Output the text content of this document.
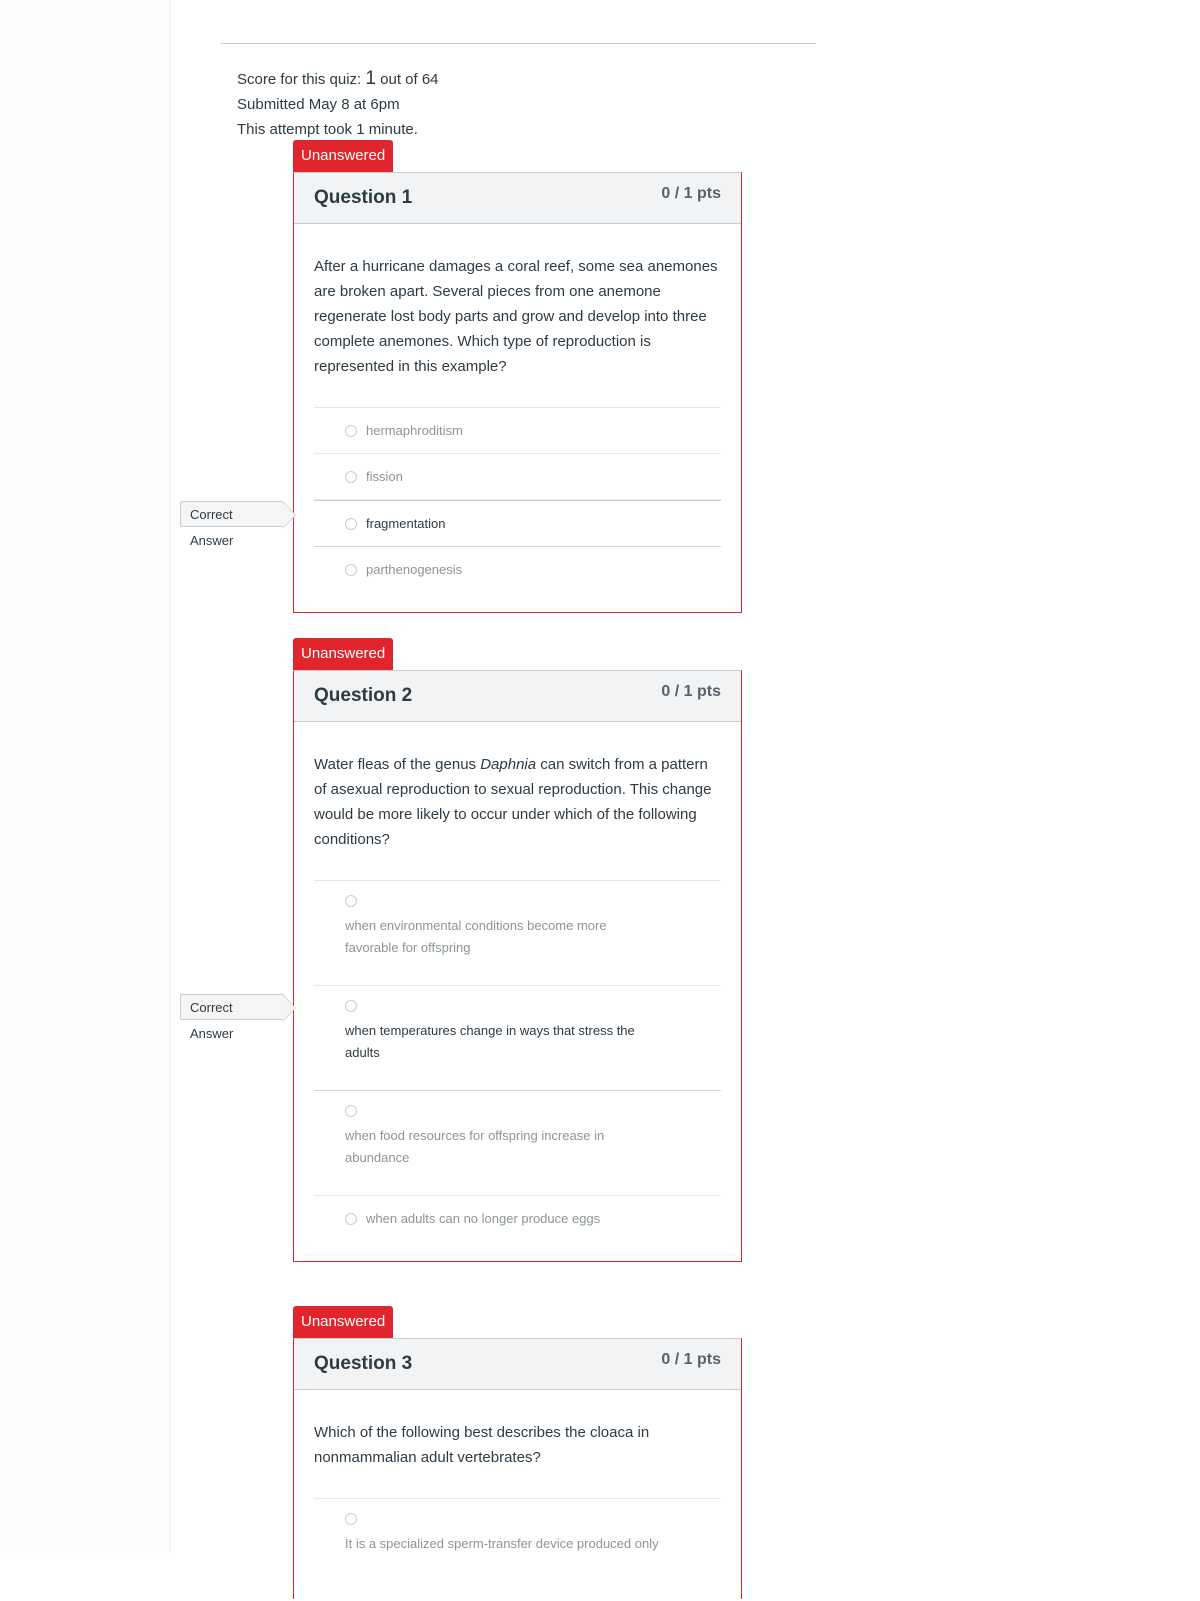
Score for this quiz: 1 out of 64
Submitted May 8 at 6pm
This attempt took 1 minute.
Unanswered
Question 1	0 / 1 pts

After a hurricane damages a coral reef, some sea anemones are broken apart. Several pieces from one anemone regenerate lost body parts and grow and develop into three complete anemones. Which type of reproduction is represented in this example?

hermaphroditism
fission
fragmentation
parthenogenesis
Correct Answer
Unanswered
Question 2	0 / 1 pts

Water fleas of the genus Daphnia can switch from a pattern of asexual reproduction to sexual reproduction. This change would be more likely to occur under which of the following conditions?

when environmental conditions become more favorable for offspring
when temperatures change in ways that stress the adults
when food resources for offspring increase in abundance
when adults can no longer produce eggs
Correct Answer
Unanswered
Question 3	0 / 1 pts

Which of the following best describes the cloaca in nonmammalian adult vertebrates?

It is a specialized sperm-transfer device produced only
